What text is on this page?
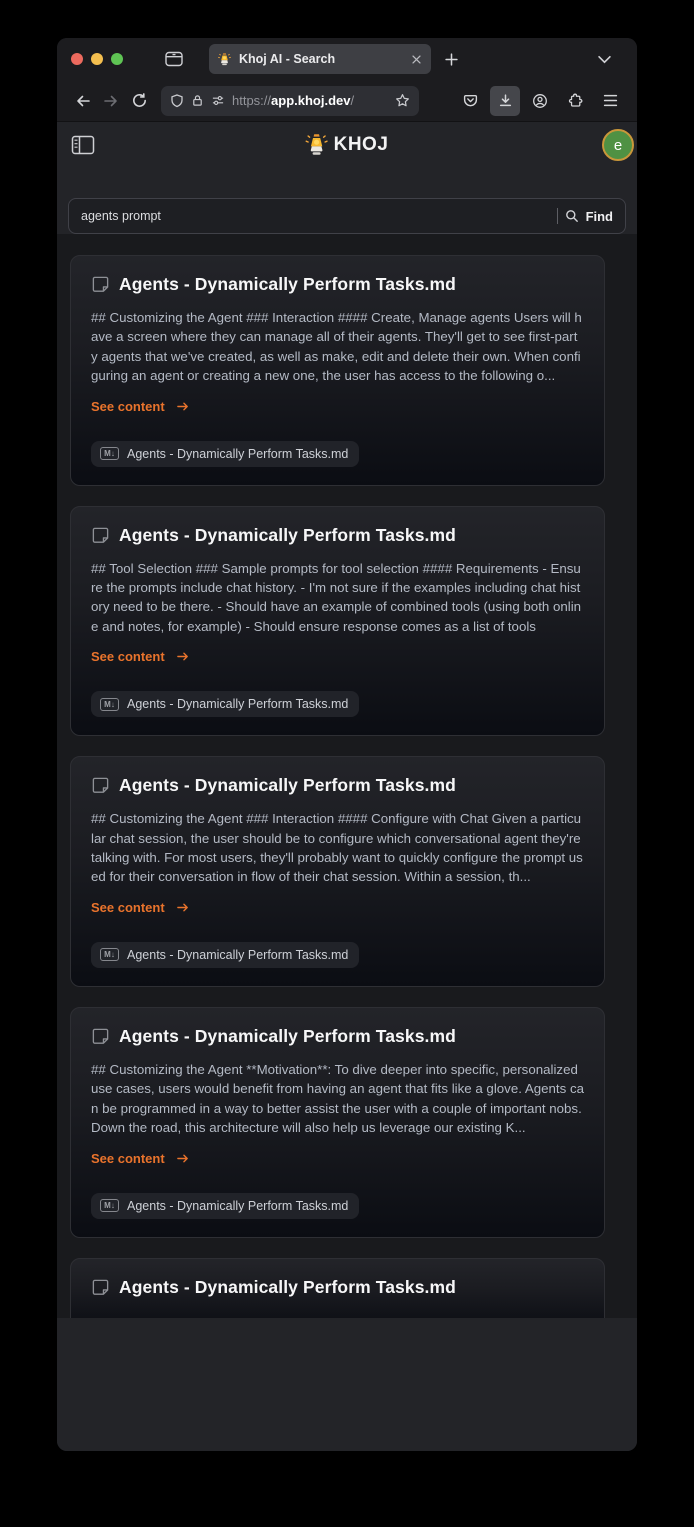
Khoj AI - Search
https://app.khoj.dev/
KHOJ	e
agents prompt
Find
Agents - Dynamically Perform Tasks.md
## Customizing the Agent ### Interaction #### Create, Manage agents Users will have a screen where they can manage all of their agents. They'll get to see first-party agents that we've created, as well as make, edit and delete their own. When configuring an agent or creating a new one, the user has access to the following o...
See content
M↓ Agents - Dynamically Perform Tasks.md
Agents - Dynamically Perform Tasks.md
## Tool Selection ### Sample prompts for tool selection #### Requirements - Ensure the prompts include chat history. - I'm not sure if the examples including chat history need to be there. - Should have an example of combined tools (using both online and notes, for example) - Should ensure response comes as a list of tools
See content
M↓ Agents - Dynamically Perform Tasks.md
Agents - Dynamically Perform Tasks.md
## Customizing the Agent ### Interaction #### Configure with Chat Given a particular chat session, the user should be to configure which conversational agent they're talking with. For most users, they'll probably want to quickly configure the prompt used for their conversation in flow of their chat session. Within a session, th...
See content
M↓ Agents - Dynamically Perform Tasks.md
Agents - Dynamically Perform Tasks.md
## Customizing the Agent **Motivation**: To dive deeper into specific, personalized use cases, users would benefit from having an agent that fits like a glove. Agents can be programmed in a way to better assist the user with a couple of important nobs. Down the road, this architecture will also help us leverage our existing K...
See content
M↓ Agents - Dynamically Perform Tasks.md
Agents - Dynamically Perform Tasks.md
